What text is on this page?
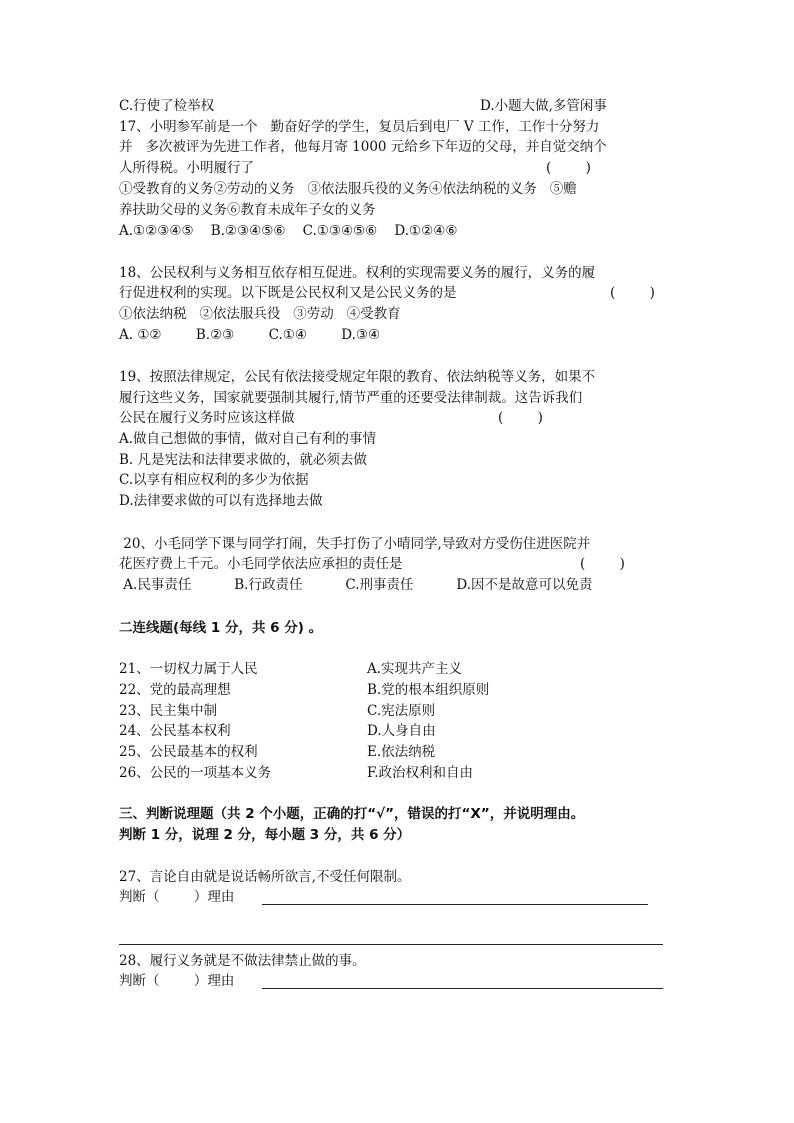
C.行使了检举权	D.小题大做,多管闲事
17、小明参军前是一个   勤奋好学的学生，复员后到电厂 V 工作，工作十分努力
并   多次被评为先进工作者，他每月寄 1000 元给乡下年迈的父母，并自觉交纳个
人所得税。小明履行了	(        )
①受教育的义务②劳动的义务   ③依法服兵役的义务④依法纳税的义务   ⑤赡
养扶助父母的义务⑥教育未成年子女的义务
A.①②③④⑤    B.②③④⑤⑥    C.①③④⑤⑥    D.①②④⑥
18、公民权利与义务相互依存相互促进。权利的实现需要义务的履行，义务的履
行促进权利的实现。以下既是公民权利又是公民义务的是	(        )
①依法纳税   ②依法服兵役   ③劳动   ④受教育
A. ①②        B.②③        C.①④        D.③④
19、按照法律规定，公民有依法接受规定年限的教育、依法纳税等义务，如果不
履行这些义务，国家就要强制其履行,情节严重的还要受法律制裁。这告诉我们
公民在履行义务时应该这样做	(        )
A.做自己想做的事情，做对自己有利的事情
B. 凡是宪法和法律要求做的，就必须去做
C.以享有相应权利的多少为依据
D.法律要求做的可以有选择地去做
20、小毛同学下课与同学打闹，失手打伤了小晴同学,导致对方受伤住进医院并
花医疗费上千元。小毛同学依法应承担的责任是	(        )
A.民事责任          B.行政责任          C.刑事责任          D.因不是故意可以免责
二连线题(每线 1 分，共 6 分) 。
21、一切权力属于人民	A.实现共产主义
22、党的最高理想	B.党的根本组织原则
23、民主集中制	C.宪法原则
24、公民基本权利	D.人身自由
25、公民最基本的权利	E.依法纳税
26、公民的一项基本义务	F.政治权利和自由
三、判断说理题（共 2 个小题，正确的打“√”，错误的打“X”，并说明理由。
判断 1 分，说理 2 分，每小题 3 分，共 6 分）
27、言论自由就是说话畅所欲言,不受任何限制。
判断（        ）理由
28、履行义务就是不做法律禁止做的事。
判断（        ）理由
